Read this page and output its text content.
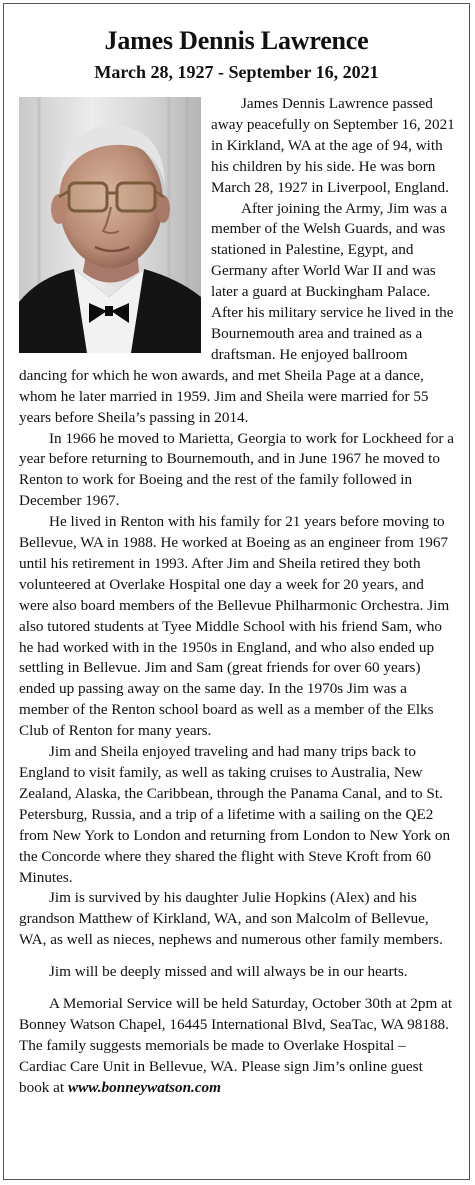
James Dennis Lawrence
March 28, 1927 - September 16, 2021

James Dennis Lawrence passed away peacefully on September 16, 2021 in Kirkland, WA at the age of 94, with his children by his side. He was born March 28, 1927 in Liverpool, England.

After joining the Army, Jim was a member of the Welsh Guards, and was stationed in Palestine, Egypt, and Germany after World War II and was later a guard at Buckingham Palace. After his military service he lived in the Bournemouth area and trained as a draftsman. He enjoyed ballroom dancing for which he won awards, and met Sheila Page at a dance, whom he later married in 1959. Jim and Sheila were married for 55 years before Sheila’s passing in 2014.

In 1966 he moved to Marietta, Georgia to work for Lockheed for a year before returning to Bournemouth, and in June 1967 he moved to Renton to work for Boeing and the rest of the family followed in December 1967.

He lived in Renton with his family for 21 years before moving to Bellevue, WA in 1988. He worked at Boeing as an engineer from 1967 until his retirement in 1993. After Jim and Sheila retired they both volunteered at Overlake Hospital one day a week for 20 years, and were also board members of the Bellevue Philharmonic Orchestra. Jim also tutored students at Tyee Middle School with his friend Sam, who he had worked with in the 1950s in England, and who also ended up settling in Bellevue. Jim and Sam (great friends for over 60 years) ended up passing away on the same day. In the 1970s Jim was a member of the Renton school board as well as a member of the Elks Club of Renton for many years.

Jim and Sheila enjoyed traveling and had many trips back to England to visit family, as well as taking cruises to Australia, New Zealand, Alaska, the Caribbean, through the Panama Canal, and to St. Petersburg, Russia, and a trip of a lifetime with a sailing on the QE2 from New York to London and returning from London to New York on the Concorde where they shared the flight with Steve Kroft from 60 Minutes.

Jim is survived by his daughter Julie Hopkins (Alex) and his grandson Matthew of Kirkland, WA, and son Malcolm of Bellevue, WA, as well as nieces, nephews and numerous other family members.

Jim will be deeply missed and will always be in our hearts.

A Memorial Service will be held Saturday, October 30th at 2pm at Bonney Watson Chapel, 16445 International Blvd, SeaTac, WA 98188. The family suggests memorials be made to Overlake Hospital – Cardiac Care Unit in Bellevue, WA. Please sign Jim’s online guest book at www.bonneywatson.com
